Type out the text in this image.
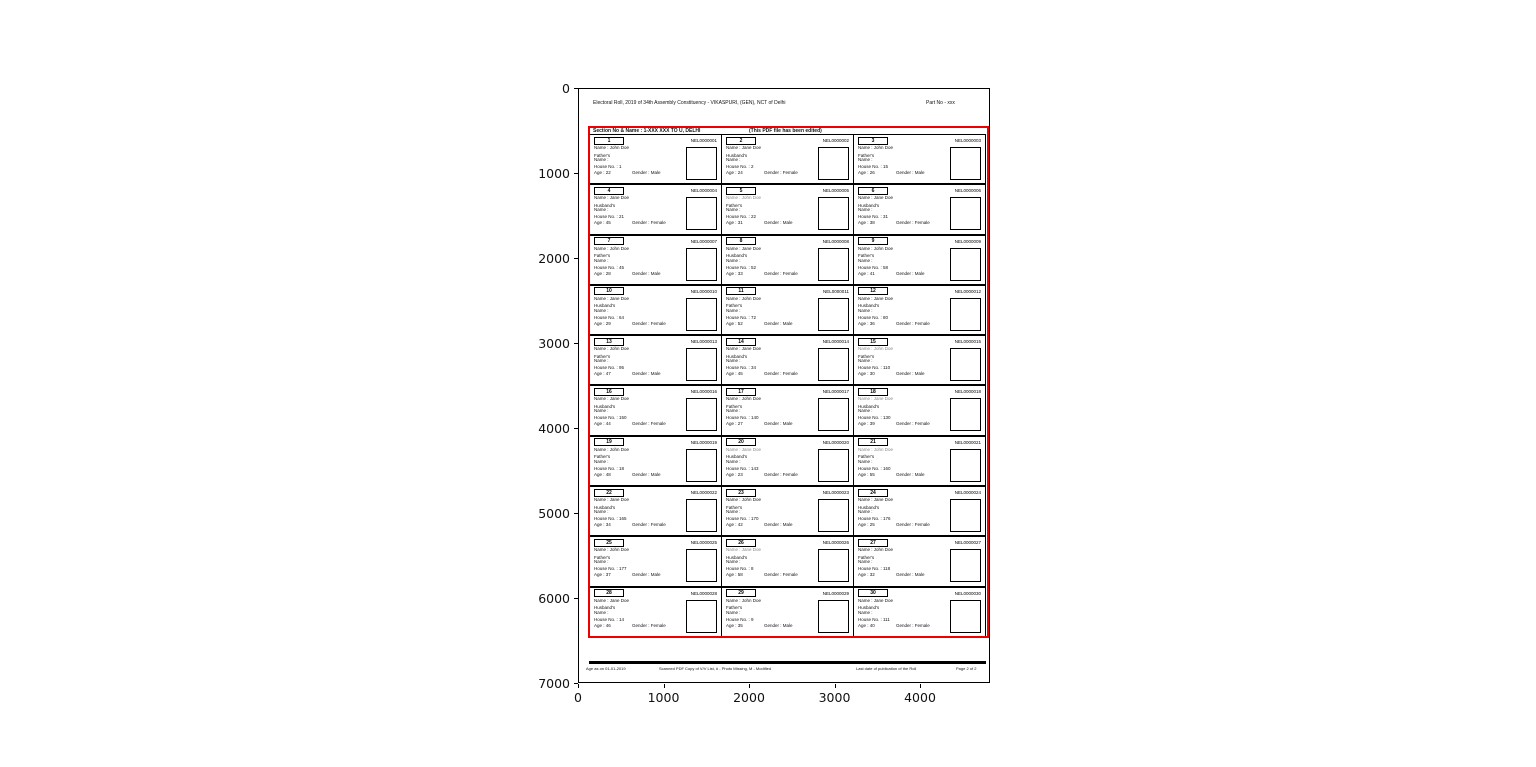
0
1000
2000
3000
4000
5000
6000
7000
0	1000	2000	3000	4000
Electoral Roll, 2019 of 34th Assembly Constituency - VIKASPURI, (GEN), NCT of Delhi	Part No - xxx
Section No & Name : 1-XXX XXX TO U, DELHI	(This PDF file has been edited)
1	NEL0000001
Name : John Doe
Father's
Name :
House No. : 1
Age : 22	Gender : Male
2	NEL0000002
Name : Jane Doe
Husband's
Name :
House No. : 2
Age : 24	Gender : Female
3	NEL0000003
Name : John Doe
Father's
Name :
House No. : 15
Age : 26	Gender : Male
4	NEL0000004
Name : Jane Doe
Husband's
Name :
House No. : 21
Age : 45	Gender : Female
5	NEL0000005
Name : John Doe
Father's
Name :
House No. : 22
Age : 31	Gender : Male
6	NEL0000006
Name : Jane Doe
Husband's
Name :
House No. : 31
Age : 38	Gender : Female
7	NEL0000007
Name : John Doe
Father's
Name :
House No. : 45
Age : 28	Gender : Male
8	NEL0000008
Name : Jane Doe
Husband's
Name :
House No. : 52
Age : 33	Gender : Female
9	NEL0000009
Name : John Doe
Father's
Name :
House No. : 58
Age : 41	Gender : Male
10	NEL0000010
Name : Jane Doe
Husband's
Name :
House No. : 64
Age : 29	Gender : Female
11	NEL0000011
Name : John Doe
Father's
Name :
House No. : 72
Age : 52	Gender : Male
12	NEL0000012
Name : Jane Doe
Husband's
Name :
House No. : 80
Age : 36	Gender : Female
13	NEL0000013
Name : John Doe
Father's
Name :
House No. : 95
Age : 47	Gender : Male
14	NEL0000014
Name : Jane Doe
Husband's
Name :
House No. : 34
Age : 45	Gender : Female
15	NEL0000015
Name : John Doe
Father's
Name :
House No. : 110
Age : 30	Gender : Male
16	NEL0000016
Name : Jane Doe
Husband's
Name :
House No. : 150
Age : 44	Gender : Female
17	NEL0000017
Name : John Doe
Father's
Name :
House No. : 140
Age : 27	Gender : Male
18	NEL0000018
Name : Jane Doe
Husband's
Name :
House No. : 130
Age : 39	Gender : Female
19	NEL0000019
Name : John Doe
Father's
Name :
House No. : 18
Age : 48	Gender : Male
20	NEL0000020
Name : Jane Doe
Husband's
Name :
House No. : 143
Age : 23	Gender : Female
21	NEL0000021
Name : John Doe
Father's
Name :
House No. : 160
Age : 55	Gender : Male
22	NEL0000022
Name : Jane Doe
Husband's
Name :
House No. : 165
Age : 34	Gender : Female
23	NEL0000023
Name : John Doe
Father's
Name :
House No. : 170
Age : 42	Gender : Male
24	NEL0000024
Name : Jane Doe
Husband's
Name :
House No. : 176
Age : 25	Gender : Female
25	NEL0000025
Name : John Doe
Father's
Name :
House No. : 177
Age : 37	Gender : Male
26	NEL0000026
Name : Jane Doe
Husband's
Name :
House No. : 8
Age : 58	Gender : Female
27	NEL0000027
Name : John Doe
Father's
Name :
House No. : 118
Age : 32	Gender : Male
28	NEL0000028
Name : Jane Doe
Husband's
Name :
House No. : 14
Age : 46	Gender : Female
29	NEL0000029
Name : John Doe
Father's
Name :
House No. : 9
Age : 35	Gender : Male
30	NEL0000030
Name : Jane Doe
Husband's
Name :
House No. : 111
Age : 40	Gender : Female
Age as on 01-01-2019	Scanned PDF Copy of V/V List, # - Photo Missing, M - Modified	Last date of publication of the Roll	Page 2 of 2
